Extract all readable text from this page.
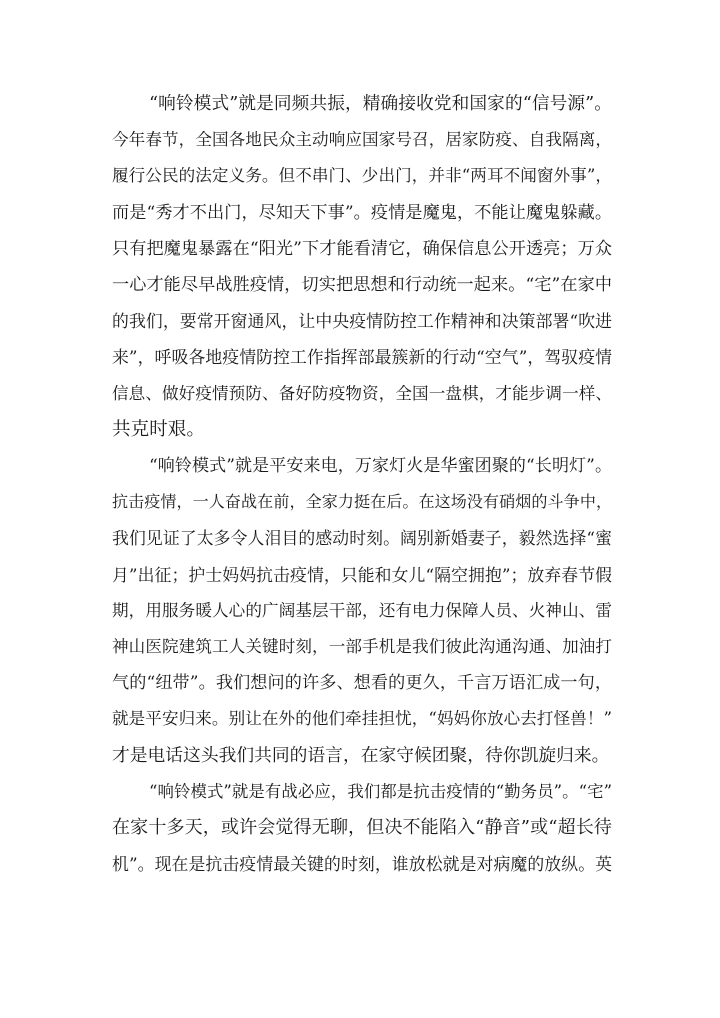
“响铃模式”就是同频共振，精确接收党和国家的“信号源”。
今年春节，全国各地民众主动响应国家号召，居家防疫、自我隔离，
履行公民的法定义务。但不串门、少出门，并非“两耳不闻窗外事”，
而是“秀才不出门，尽知天下事”。疫情是魔鬼，不能让魔鬼躲藏。
只有把魔鬼暴露在“阳光”下才能看清它，确保信息公开透亮；万众
一心才能尽早战胜疫情，切实把思想和行动统一起来。“宅”在家中
的我们，要常开窗通风，让中央疫情防控工作精神和决策部署“吹进
来”，呼吸各地疫情防控工作指挥部最簇新的行动“空气”，驾驭疫情
信息、做好疫情预防、备好防疫物资，全国一盘棋，才能步调一样、
共克时艰。
“响铃模式”就是平安来电，万家灯火是华蜜团聚的“长明灯”。
抗击疫情，一人奋战在前，全家力挺在后。在这场没有硝烟的斗争中，
我们见证了太多令人泪目的感动时刻。阔别新婚妻子，毅然选择“蜜
月”出征；护士妈妈抗击疫情，只能和女儿“隔空拥抱”；放弃春节假
期，用服务暖人心的广阔基层干部，还有电力保障人员、火神山、雷
神山医院建筑工人关键时刻，一部手机是我们彼此沟通沟通、加油打
气的“纽带”。我们想问的许多、想看的更久，千言万语汇成一句，
就是平安归来。别让在外的他们牵挂担忧，“妈妈你放心去打怪兽！”
才是电话这头我们共同的语言，在家守候团聚，待你凯旋归来。
“响铃模式”就是有战必应，我们都是抗击疫情的“勤务员”。“宅”
在家十多天，或许会觉得无聊，但决不能陷入“静音”或“超长待
机”。现在是抗击疫情最关键的时刻，谁放松就是对病魔的放纵。英
